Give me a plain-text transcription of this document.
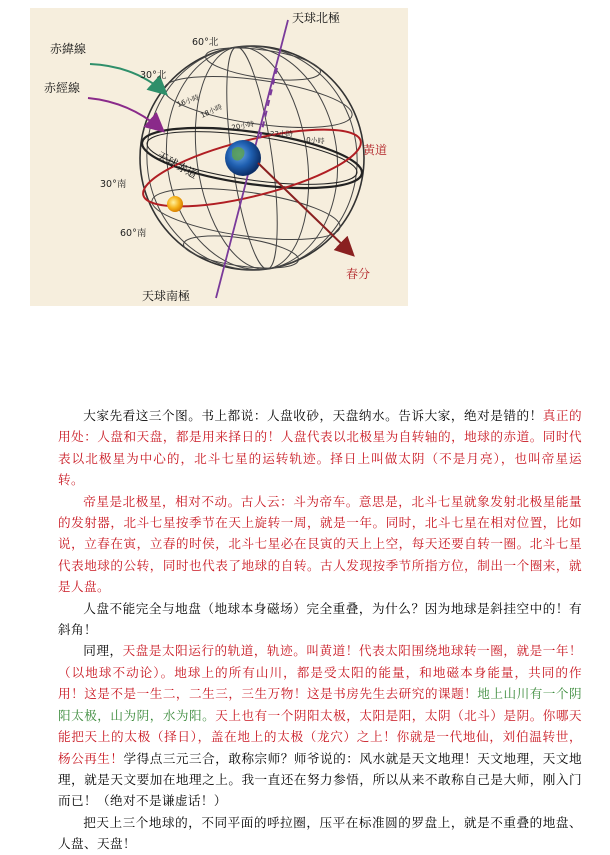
天球北極
天球南極
赤緯線
赤經線
黃道
春分
天球赤道
60°北
30°北
30°南
60°南
16小時
18小時
20小時
22小時
0小時

大家先看这三个图。书上都说：人盘收砂，天盘纳水。告诉大家，绝对是错的！真正的用处：人盘和天盘，都是用来择日的！人盘代表以北极星为自转轴的，地球的赤道。同时代表以北极星为中心的，北斗七星的运转轨迹。择日上叫做太阴（不是月亮），也叫帝星运转。

帝星是北极星，相对不动。古人云：斗为帝车。意思是，北斗七星就象发射北极星能量的发射器，北斗七星按季节在天上旋转一周，就是一年。同时，北斗七星在相对位置，比如说，立春在寅，立春的时侯，北斗七星必在艮寅的天上上空，每天还要自转一圈。北斗七星代表地球的公转，同时也代表了地球的自转。古人发现按季节所指方位，制出一个圈来，就是人盘。

人盘不能完全与地盘（地球本身磁场）完全重叠，为什么？因为地球是斜挂空中的！有斜角！

同理，天盘是太阳运行的轨道，轨迹。叫黄道！代表太阳围绕地球转一圈，就是一年！（以地球不动论）。地球上的所有山川，都是受太阳的能量，和地磁本身能量，共同的作用！这是不是一生二，二生三，三生万物！这是书房先生去研究的课题！地上山川有一个阴阳太极，山为阴，水为阳。天上也有一个阴阳太极，太阳是阳，太阴（北斗）是阴。你哪天能把天上的太极（择日），盖在地上的太极（龙穴）之上！你就是一代地仙，刘伯温转世，杨公再生！学得点三元三合，敢称宗师？师爷说的：风水就是天文地理！天文地理，天文地理，就是天文要加在地理之上。我一直还在努力参悟，所以从来不敢称自己是大师，刚入门而已！（绝对不是谦虚话！）

把天上三个地球的，不同平面的呼拉圈，压平在标准圆的罗盘上，就是不重叠的地盘、人盘、天盘！
